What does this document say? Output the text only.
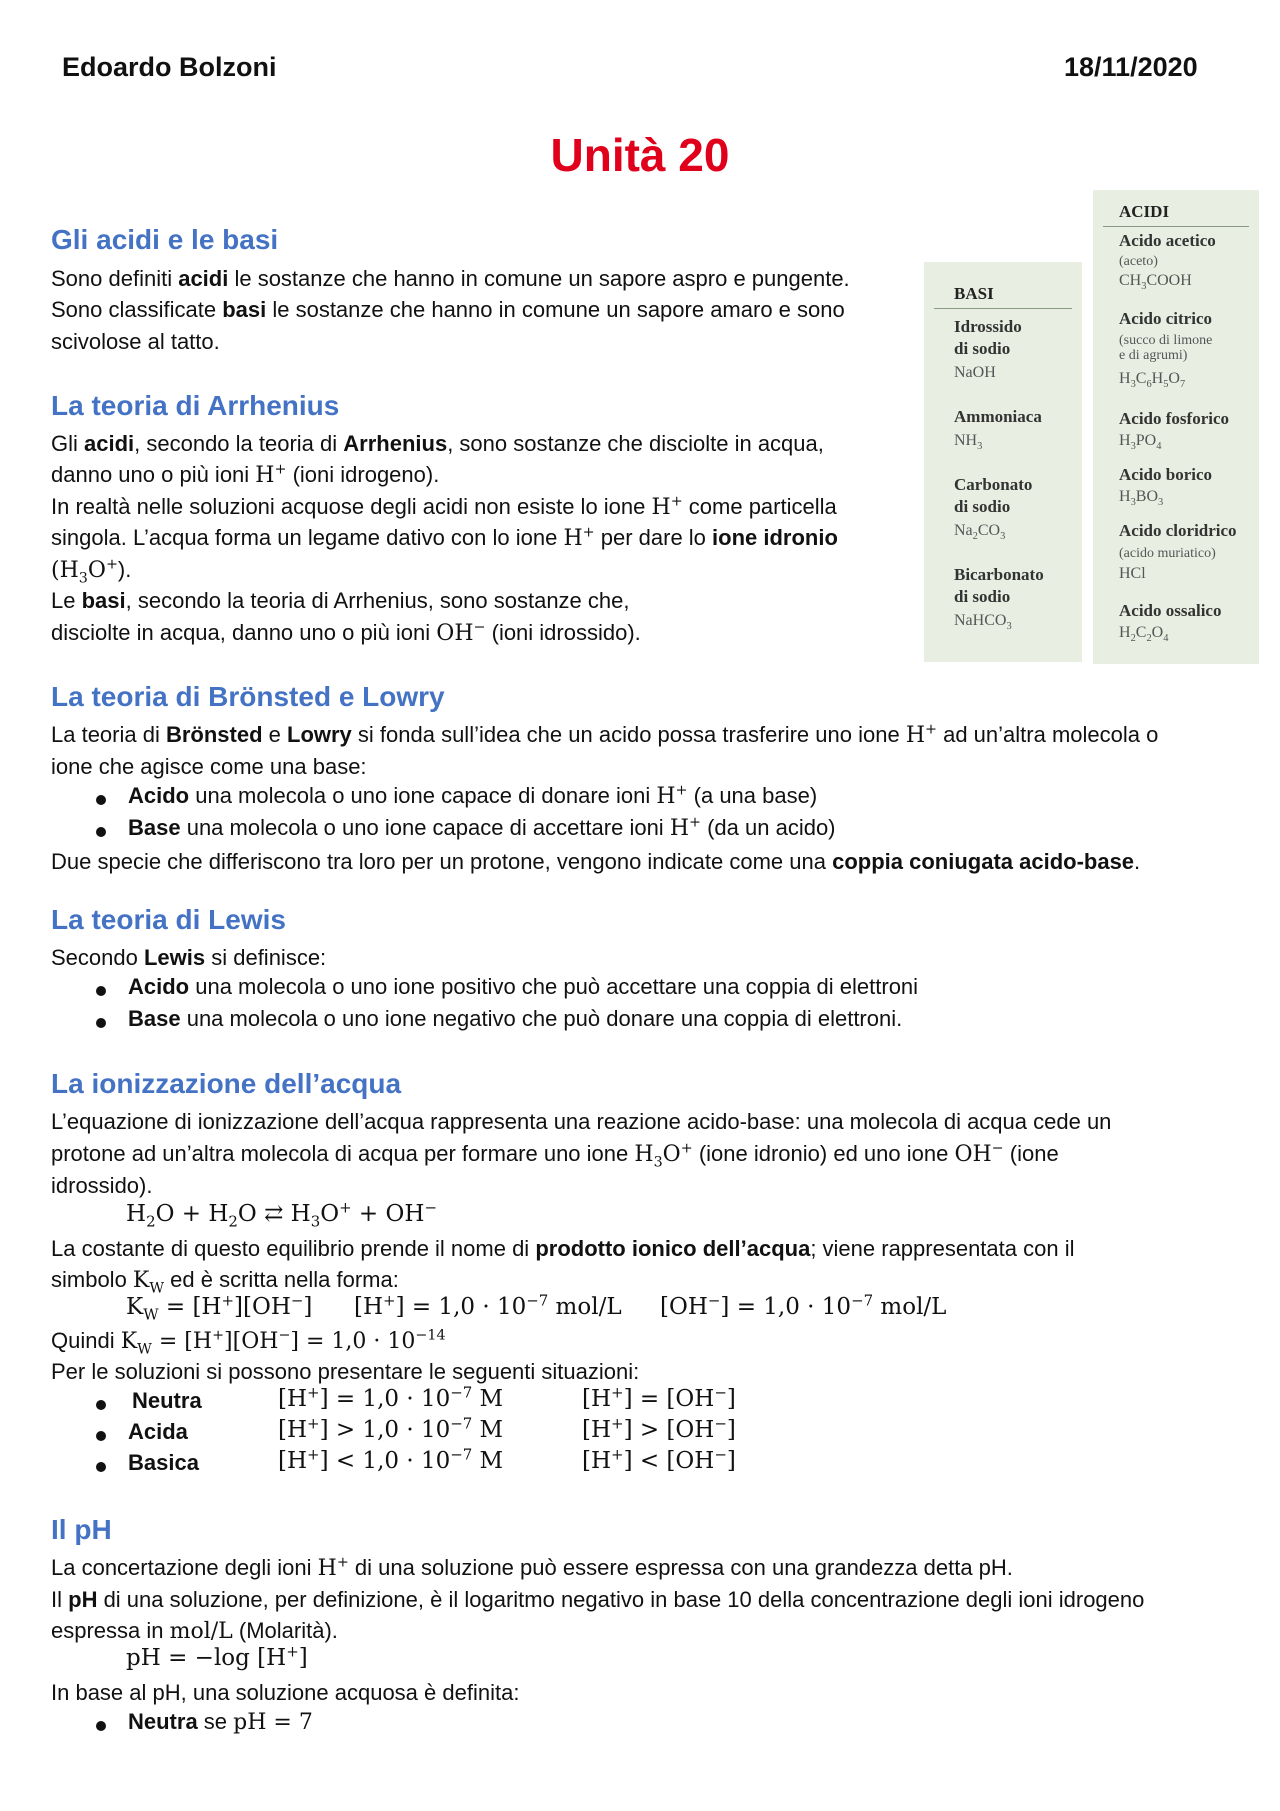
Edoardo Bolzoni	18/11/2020
Unità 20
Gli acidi e le basi
Sono definiti acidi le sostanze che hanno in comune un sapore aspro e pungente.
Sono classificate basi le sostanze che hanno in comune un sapore amaro e sono
scivolose al tatto.
La teoria di Arrhenius
Gli acidi, secondo la teoria di Arrhenius, sono sostanze che disciolte in acqua,
danno uno o più ioni H+ (ioni idrogeno).
In realtà nelle soluzioni acquose degli acidi non esiste lo ione H+ come particella
singola. L’acqua forma un legame dativo con lo ione H+ per dare lo ione idronio
$(H_3O^+)$.
Le basi, secondo la teoria di Arrhenius, sono sostanze che,
disciolte in acqua, danno uno o più ioni OH− (ioni idrossido).
BASI
Idrossido
di sodio
NaOH
Ammoniaca
$NH_3$
Carbonato
di sodio
$Na_2CO_3$
Bicarbonato
di sodio
NaHCO$_3$
ACIDI
Acido acetico
(aceto)
$CH_3COOH$
Acido citrico
(succo di limone
e di agrumi)
$H_3C_6H_5O_7$
Acido fosforico
$H_3PO_4$
Acido borico
$H_3BO_3$
Acido cloridrico
(acido muriatico)
HCl
Acido ossalico
$H_2C_2O_4$
La teoria di Brönsted e Lowry
La teoria di Brönsted e Lowry si fonda sull’idea che un acido possa trasferire uno ione H+ ad un’altra molecola o
ione che agisce come una base:
Acido una molecola o uno ione capace di donare ioni H+ (a una base)
Base una molecola o uno ione capace di accettare ioni H+ (da un acido)
Due specie che differiscono tra loro per un protone, vengono indicate come una coppia coniugata acido-base.
La teoria di Lewis
Secondo Lewis si definisce:
Acido una molecola o uno ione positivo che può accettare una coppia di elettroni
Base una molecola o uno ione negativo che può donare una coppia di elettroni.
La ionizzazione dell’acqua
L’equazione di ionizzazione dell’acqua rappresenta una reazione acido-base: una molecola di acqua cede un
protone ad un’altra molecola di acqua per formare uno ione $H_3O^+$ (ione idronio) ed uno ione OH− (ione
idrossido).
$H_2O + H_2O$ ⇄ $H_3O^+ + OH^-$
La costante di questo equilibrio prende il nome di prodotto ionico dell’acqua; viene rappresentata con il
simbolo $K_W$ ed è scritta nella forma:
$K_W = [H^+][OH^-] [H^+] = 1,0 \cdot 10^{-7}$ mol/L $[OH^-] = 1,0 \cdot 10^{-7}$ mol/L
Quindi $K_W = [H^+][OH^-] = 1,0 \cdot 10^{-14}$
Per le soluzioni si possono presentare le seguenti situazioni:
Neutra	$[H^+] = 1,0 \cdot 10^{-7}$ M	[H+] = [OH−]
Acida	$[H^+] > 1,0 \cdot 10^{-7}$ M	[H+] > [OH−]
Basica	$[H^+] < 1,0 \cdot 10^{-7}$ M	[H+] < [OH−]
Il pH
La concertazione degli ioni H+ di una soluzione può essere espressa con una grandezza detta pH.
Il pH di una soluzione, per definizione, è il logaritmo negativo in base 10 della concentrazione degli ioni idrogeno
espressa in mol/L (Molarità).
pH = −log [H+]
In base al pH, una soluzione acquosa è definita:
Neutra se pH = 7
